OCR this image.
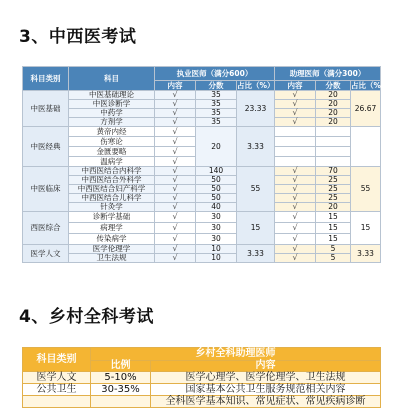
3、中西医考试
科目类别	科目	执业医师（满分600）			助理医师（满分300）		
		内容	分数	占比（%）	内容	分数	占比（%）
中医基础	中医基础理论	√	35	23.33	√	20	26.67
	中医诊断学	√	35		√	20	
	中药学	√	35		√	20	
	方剂学	√	35		√	20	
中医经典	黄帝内经	√	20	3.33			
	伤寒论	√					
	金匮要略	√					
	温病学	√					
中医临床	中西医结合内科学	√	140	55	√	70	55
	中西医结合外科学	√	50		√	25	
	中西医结合妇产科学	√	50		√	25	
	中西医结合儿科学	√	50		√	25	
	针灸学	√	40		√	20	
西医综合	诊断学基础	√	30	15	√	15	15
	病理学	√	30		√	15	
	传染病学	√	30		√	15	
医学人文	医学伦理学	√	10	3.33	√	5	3.33
	卫生法规	√	10		√	5	
4、乡村全科考试
科目类别	乡村全科助理医师	
	比例	内容
医学人文	5-10%	医学心理学、医学伦理学、卫生法规
公共卫生	30-35%	国家基本公共卫生服务规范相关内容
		全科医学基本知识、常见症状、常见疾病诊断
